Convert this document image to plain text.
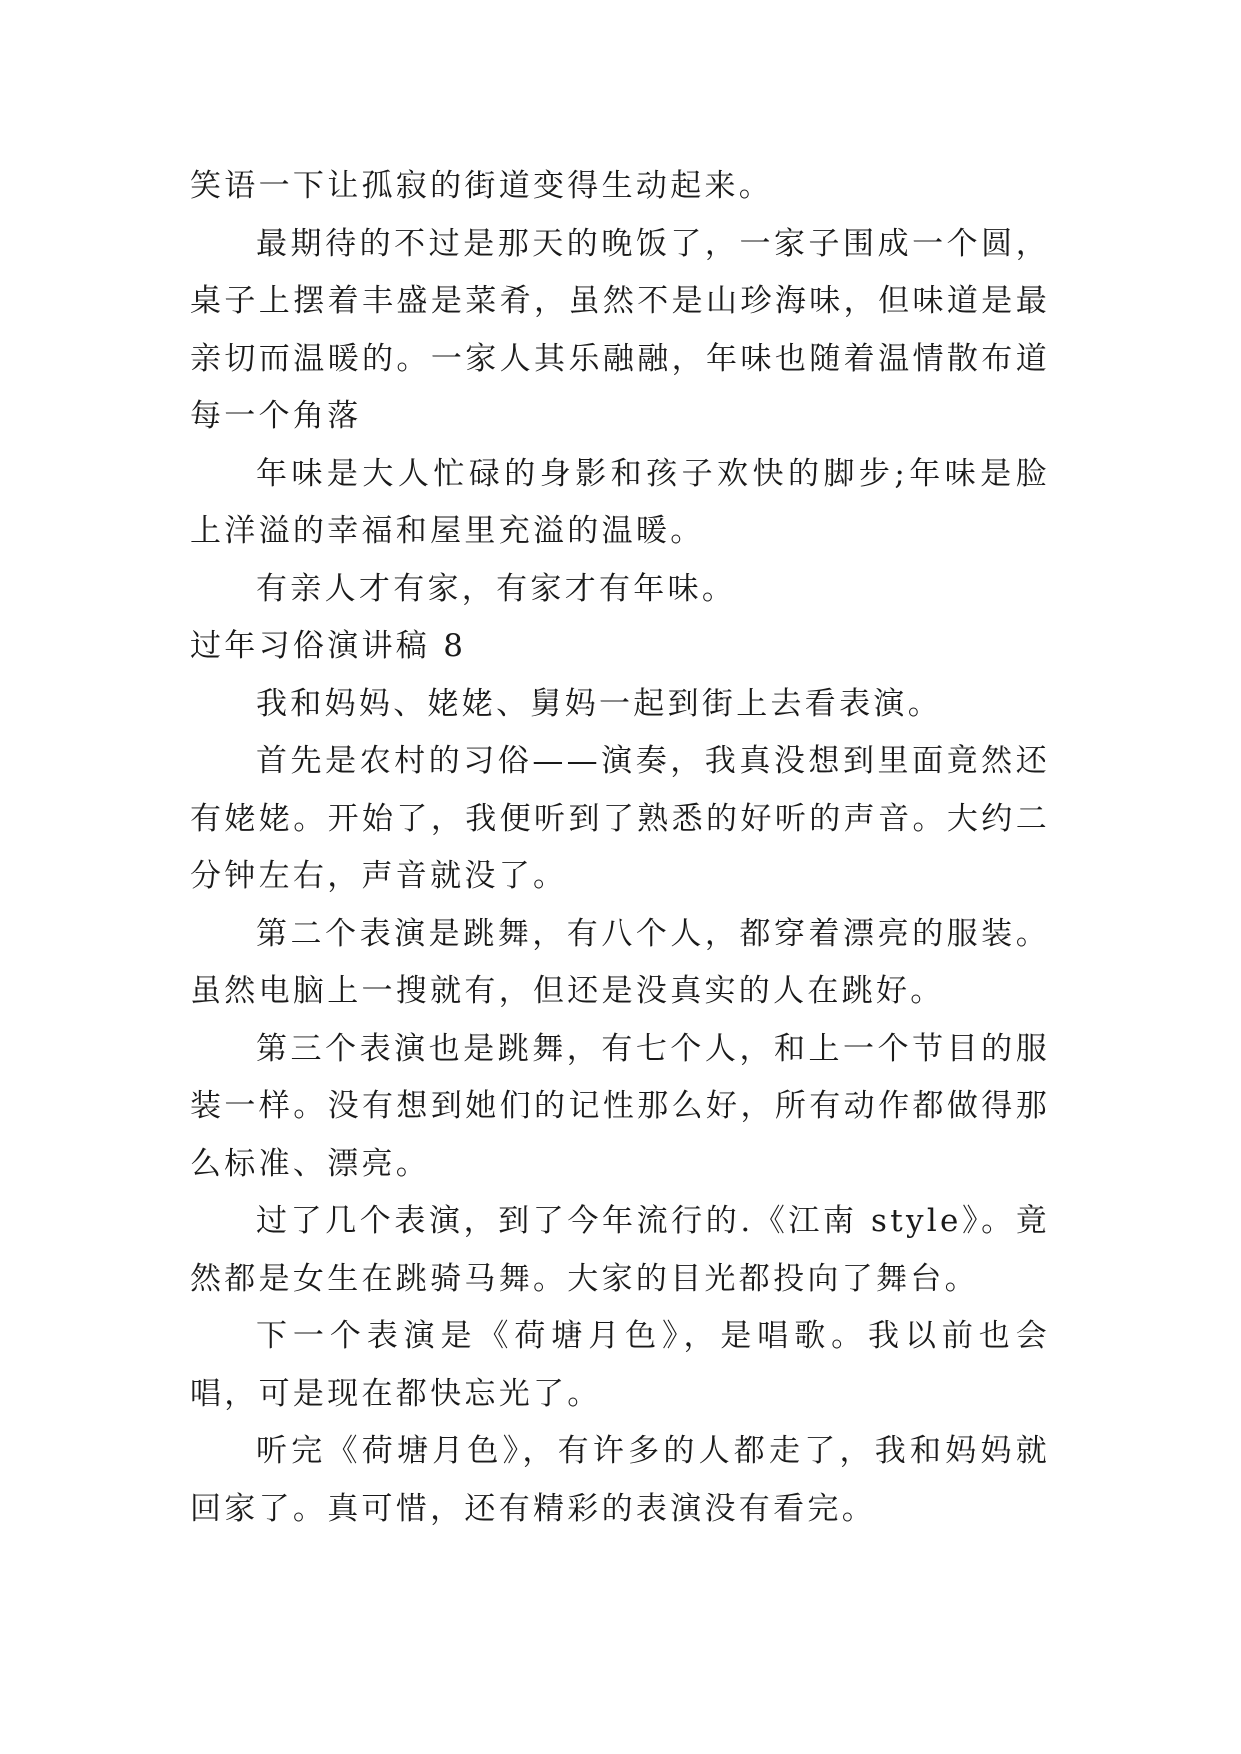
笑语一下让孤寂的街道变得生动起来。

最期待的不过是那天的晚饭了，一家子围成一个圆，桌子上摆着丰盛是菜肴，虽然不是山珍海味，但味道是最亲切而温暖的。一家人其乐融融，年味也随着温情散布道每一个角落

年味是大人忙碌的身影和孩子欢快的脚步;年味是脸上洋溢的幸福和屋里充溢的温暖。

有亲人才有家，有家才有年味。

过年习俗演讲稿 8

我和妈妈、姥姥、舅妈一起到街上去看表演。

首先是农村的习俗——演奏，我真没想到里面竟然还有姥姥。开始了，我便听到了熟悉的好听的声音。大约二分钟左右，声音就没了。

第二个表演是跳舞，有八个人，都穿着漂亮的服装。虽然电脑上一搜就有，但还是没真实的人在跳好。

第三个表演也是跳舞，有七个人，和上一个节目的服装一样。没有想到她们的记性那么好，所有动作都做得那么标准、漂亮。

过了几个表演，到了今年流行的.《江南 style》。竟然都是女生在跳骑马舞。大家的目光都投向了舞台。

下一个表演是《荷塘月色》，是唱歌。我以前也会唱，可是现在都快忘光了。

听完《荷塘月色》，有许多的人都走了，我和妈妈就回家了。真可惜，还有精彩的表演没有看完。
